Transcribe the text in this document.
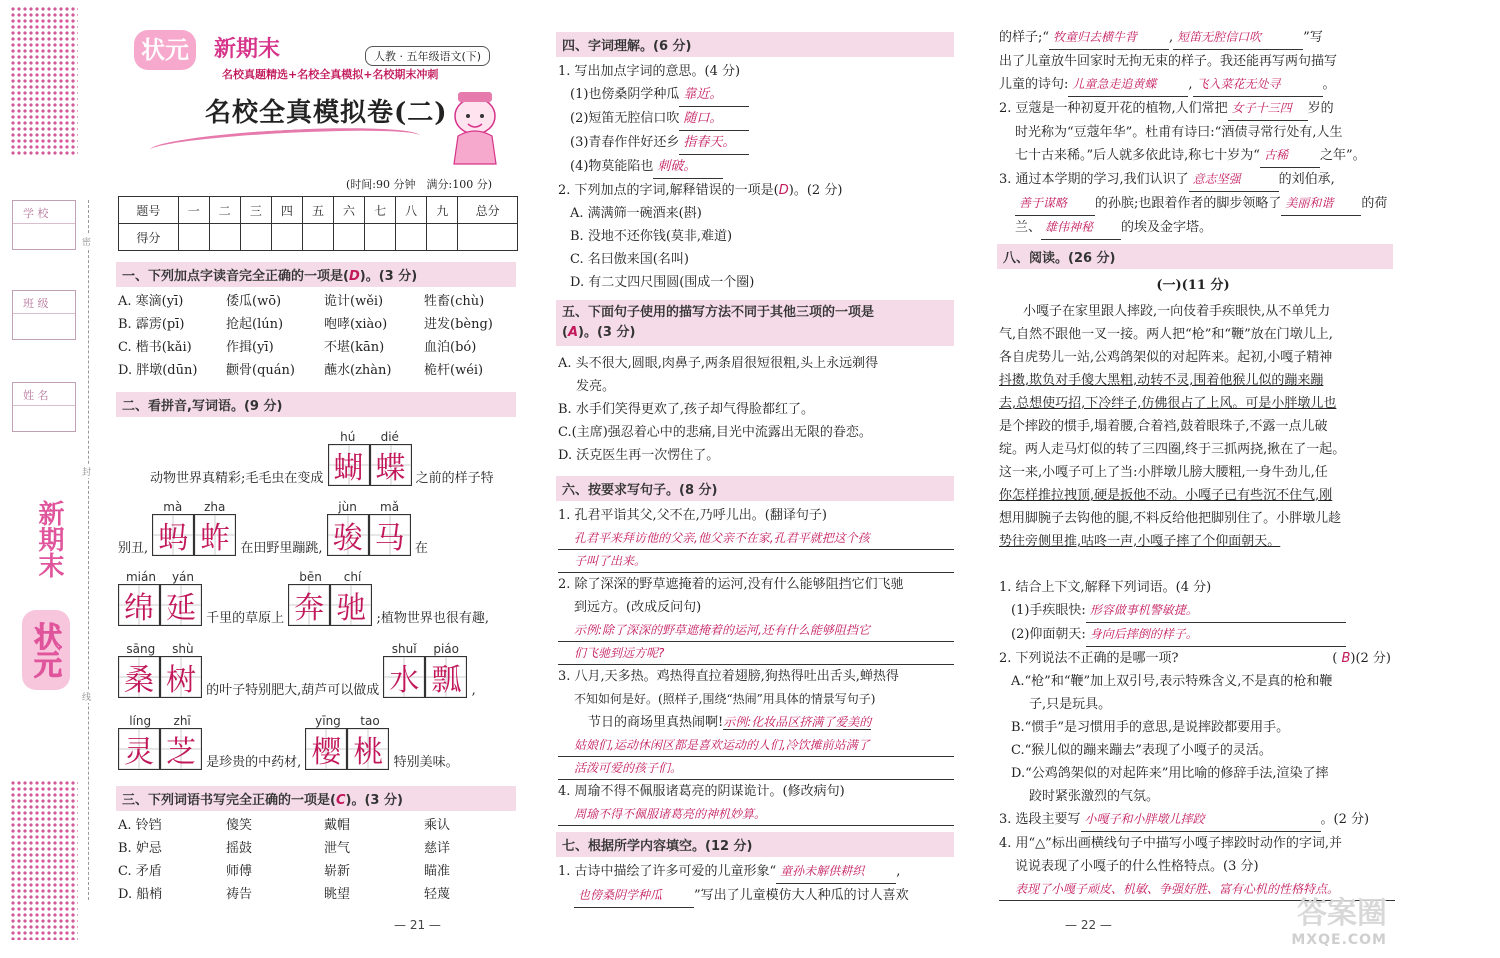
学 校
班 级
姓 名
新期末
状元
密
封
线
状元	新期末	人教 · 五年级语文(下)
名校真题精选+名校全真模拟+名校期末冲刺
名校全真模拟卷(二)
(时间:90 分钟　满分:100 分)
题号	一	二	三	四	五	六	七	八	九	总分
得分										
一、下列加点字读音完全正确的一项是(D)。(3 分)
A. 寒滴(yī)	倭瓜(wō)	诡计(wěi)	牲畜(chù)
B. 霹雳(pī)	抢起(lún)	咆哮(xiào)	进发(bèng)
C. 楷书(kǎi)	作揖(yī)	不堪(kān)	血泊(bó)
D. 胖墩(dūn)	颧骨(quán)	蘸水(zhàn)	桅杆(wéi)
二、看拼音,写词语。(9 分)
动物世界真精彩;毛毛虫在变成
hú dié
蝴 蝶 之前的样子特
别丑,
mà zha
蚂 蚱 在田野里蹦跳,
jùn mǎ
骏 马 在
mián yán
绵 延 千里的草原上
bēn chí
奔 驰 ;植物世界也很有趣,
sāng shù
桑 树 的叶子特别肥大,葫芦可以做成
shuǐ piáo
水 瓢 ,
líng zhī
灵 芝 是珍贵的中药材,
yīng tao
樱 桃 特别美味。
三、下列词语书写完全正确的一项是(C)。(3 分)
A. 铃铛	傻笑	戴帽	乘认
B. 妒忌	摇鼓	泄气	慈详
C. 矛盾	师傅	崭新	瞄准
D. 船梢	祷告	眺望	轻蔑
— 21 —
四、字词理解。(6 分)
1. 写出加点字词的意思。(4 分)
(1)也傍桑阴学种瓜 靠近。
(2)短笛无腔信口吹 随口。
(3)青春作伴好还乡 指春天。
(4)物莫能陷也 刺破。
2. 下列加点的字词,解释错误的一项是(D)。(2 分)
A. 满满筛一碗酒来(斟)
B. 没地不还你钱(莫非,难道)
C. 名曰傲来国(名叫)
D. 有二丈四尺围圆(围成一个圈)
五、下面句子使用的描写方法不同于其他三项的一项是
(A)。(3 分)
A. 头不很大,圆眼,肉鼻子,两条眉很短很粗,头上永远剃得
发亮。
B. 水手们笑得更欢了,孩子却气得脸都红了。
C.(主席)强忍着心中的悲痛,目光中流露出无限的眷恋。
D. 沃克医生再一次愣住了。
六、按要求写句子。(8 分)
1. 孔君平诣其父,父不在,乃呼儿出。(翻译句子)
孔君平来拜访他的父亲,他父亲不在家,孔君平就把这个孩
子叫了出来。
2. 除了深深的野草遮掩着的运河,没有什么能够阻挡它们飞驰
到远方。(改成反问句)
示例:除了深深的野草遮掩着的运河,还有什么能够阻挡它
们飞驰到远方呢?
3. 八月,天多热。鸡热得直拉着翅膀,狗热得吐出舌头,蝉热得
不知如何是好。(照样子,围绕“热闹”用具体的情景写句子)
节日的商场里真热闹啊!示例:化妆品区挤满了爱美的
姑娘们,运动休闲区都是喜欢运动的人们,冷饮摊前站满了
活泼可爱的孩子们。
4. 周瑜不得不佩服诸葛亮的阴谋诡计。(修改病句)
周瑜不得不佩服诸葛亮的神机妙算。
七、根据所学内容填空。(12 分)
1. 古诗中描绘了许多可爱的儿童形象“ 童孙未解供耕织 ,
也傍桑阴学种瓜 ”写出了儿童模仿大人种瓜的讨人喜欢
的样子;“ 牧童归去横牛背 , 短笛无腔信口吹	”写
出了儿童放牛回家时无拘无束的样子。我还能再写两句描写
儿童的诗句: 儿童急走追黄蝶 , 飞入菜花无处寻	。
2. 豆蔻是一种初夏开花的植物,人们常把 女子十三四 岁的
时光称为“豆蔻年华”。杜甫有诗曰:“酒债寻常行处有,人生
七十古来稀。”后人就多依此诗,称七十岁为“ 古稀 之年”。
3. 通过本学期的学习,我们认识了 意志坚强	的刘伯承,
善于谋略 的孙膑;也跟着作者的脚步领略了 美丽和谐 的荷
兰、 雄伟神秘 的埃及金字塔。
八、阅读。(26 分)
(一)(11 分)
小嘎子在家里跟人摔跤,一向伎着手疾眼快,从不单凭力
气,自然不跟他一叉一接。两人把“枪”和“鞭”放在门墩儿上,
各自虎势儿一站,公鸡鸽架似的对起阵来。起初,小嘎子精神
抖擞,欺负对手傻大黑粗,动转不灵,围着他猴儿似的蹦来蹦
去,总想使巧招,下冷绊子,仿佛很占了上风。可是小胖墩儿也
是个摔跤的惯手,塌着腰,合着裆,鼓着眼珠子,不露一点儿破
绽。两人走马灯似的转了三四圈,终于三抓两挠,揪在了一起。
这一来,小嘎子可上了当:小胖墩儿膀大腰粗,一身牛劲儿,任
你怎样推拉拽顶,硬是扳他不动。小嘎子已有些沉不住气,刚
想用脚腕子去钩他的腿,不料反给他把脚别住了。小胖墩儿趁
势往旁侧里推,咕咚一声,小嘎子摔了个仰面朝天。
1. 结合上下文,解释下列词语。(4 分)
(1)手疾眼快: 形容做事机警敏捷。
(2)仰面朝天: 身向后摔倒的样子。
2. 下列说法不正确的是哪一项?	( B)(2 分)
A.“枪”和“鞭”加上双引号,表示特殊含义,不是真的枪和鞭
子,只是玩具。
B.“惯手”是习惯用手的意思,是说摔跤都要用手。
C.“猴儿似的蹦来蹦去”表现了小嘎子的灵活。
D.“公鸡鸽架似的对起阵来”用比喻的修辞手法,渲染了摔
跤时紧张激烈的气氛。
3. 选段主要写 小嘎子和小胖墩儿摔跤	。(2 分)
4. 用“△”标出画横线句子中描写小嘎子摔跤时动作的字词,并
说说表现了小嘎子的什么性格特点。(3 分)
表现了小嘎子顽皮、机敏、争强好胜、富有心机的性格特点。
— 22 —	答案圈
MXQE.COM
